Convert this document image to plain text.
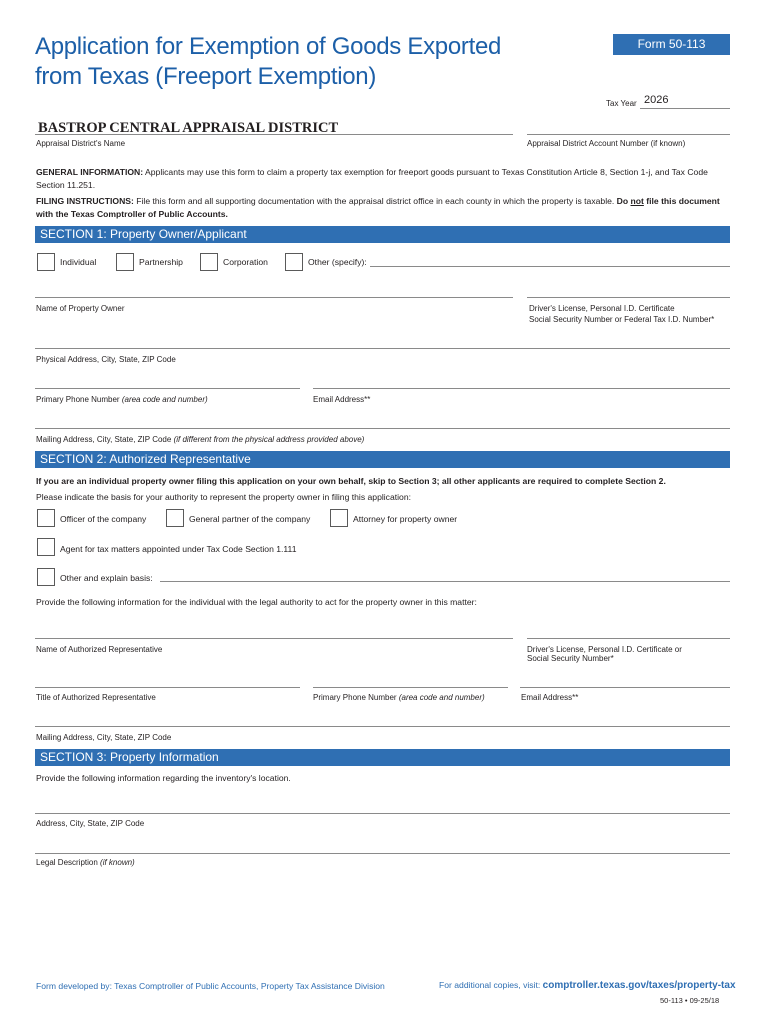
Application for Exemption of Goods Exported
from Texas (Freeport Exemption)
Form 50-113
Tax Year 2026
BASTROP CENTRAL APPRAISAL DISTRICT
Appraisal District's Name	Appraisal District Account Number (if known)
GENERAL INFORMATION: Applicants may use this form to claim a property tax exemption for freeport goods pursuant to Texas Constitution Article 8, Section 1-j, and Tax Code Section 11.251.
FILING INSTRUCTIONS: File this form and all supporting documentation with the appraisal district office in each county in which the property is taxable. Do not file this document with the Texas Comptroller of Public Accounts.
SECTION 1: Property Owner/Applicant
Individual	Partnership	Corporation	Other (specify):
Name of Property Owner	Driver's License, Personal I.D. Certificate
Social Security Number or Federal Tax I.D. Number*
Physical Address, City, State, ZIP Code
Primary Phone Number (area code and number)	Email Address**
Mailing Address, City, State, ZIP Code (if different from the physical address provided above)
SECTION 2: Authorized Representative
If you are an individual property owner filing this application on your own behalf, skip to Section 3; all other applicants are required to complete Section 2.
Please indicate the basis for your authority to represent the property owner in filing this application:
Officer of the company	General partner of the company	Attorney for property owner
Agent for tax matters appointed under Tax Code Section 1.111
Other and explain basis:
Provide the following information for the individual with the legal authority to act for the property owner in this matter:
Name of Authorized Representative	Driver's License, Personal I.D. Certificate or
Social Security Number*
Title of Authorized Representative	Primary Phone Number (area code and number)	Email Address**
Mailing Address, City, State, ZIP Code
SECTION 3: Property Information
Provide the following information regarding the inventory's location.
Address, City, State, ZIP Code
Legal Description (if known)
Form developed by: Texas Comptroller of Public Accounts, Property Tax Assistance Division	For additional copies, visit: comptroller.texas.gov/taxes/property-tax
50-113 • 09-25/18
